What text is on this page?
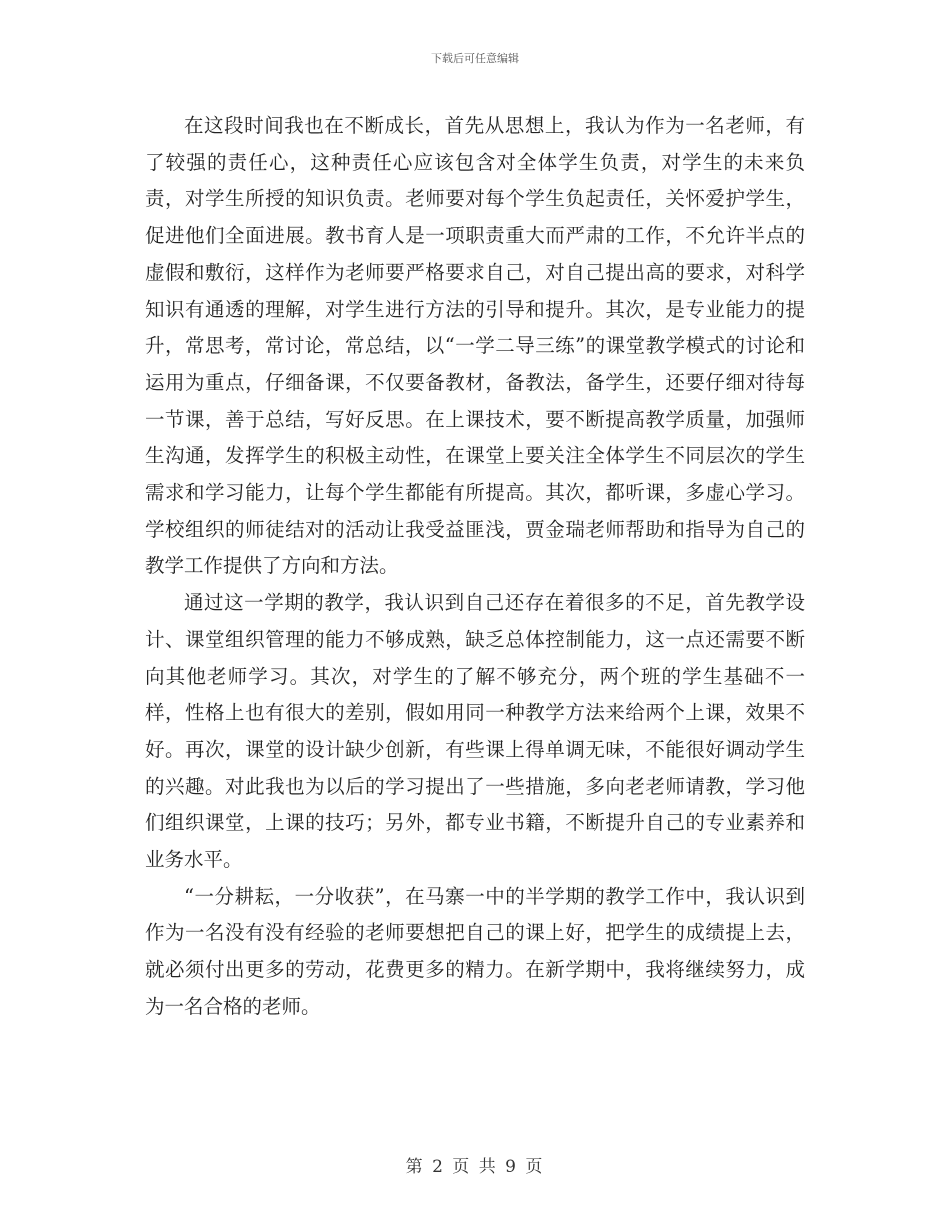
下载后可任意编辑

在这段时间我也在不断成长，首先从思想上，我认为作为一名老师，有了较强的责任心，这种责任心应该包含对全体学生负责，对学生的未来负责，对学生所授的知识负责。老师要对每个学生负起责任，关怀爱护学生，促进他们全面进展。教书育人是一项职责重大而严肃的工作，不允许半点的虚假和敷衍，这样作为老师要严格要求自己，对自己提出高的要求，对科学知识有通透的理解，对学生进行方法的引导和提升。其次，是专业能力的提升，常思考，常讨论，常总结，以“一学二导三练”的课堂教学模式的讨论和运用为重点，仔细备课，不仅要备教材，备教法，备学生，还要仔细对待每一节课，善于总结，写好反思。在上课技术，要不断提高教学质量，加强师生沟通，发挥学生的积极主动性，在课堂上要关注全体学生不同层次的学生需求和学习能力，让每个学生都能有所提高。其次，都听课，多虚心学习。学校组织的师徒结对的活动让我受益匪浅，贾金瑞老师帮助和指导为自己的教学工作提供了方向和方法。

通过这一学期的教学，我认识到自己还存在着很多的不足，首先教学设计、课堂组织管理的能力不够成熟，缺乏总体控制能力，这一点还需要不断向其他老师学习。其次，对学生的了解不够充分，两个班的学生基础不一样，性格上也有很大的差别，假如用同一种教学方法来给两个上课，效果不好。再次，课堂的设计缺少创新，有些课上得单调无味，不能很好调动学生的兴趣。对此我也为以后的学习提出了一些措施，多向老老师请教，学习他们组织课堂，上课的技巧；另外，都专业书籍，不断提升自己的专业素养和业务水平。

“一分耕耘，一分收获”，在马寨一中的半学期的教学工作中，我认识到作为一名没有没有经验的老师要想把自己的课上好，把学生的成绩提上去，就必须付出更多的劳动，花费更多的精力。在新学期中，我将继续努力，成为一名合格的老师。

第 2 页 共 9 页
